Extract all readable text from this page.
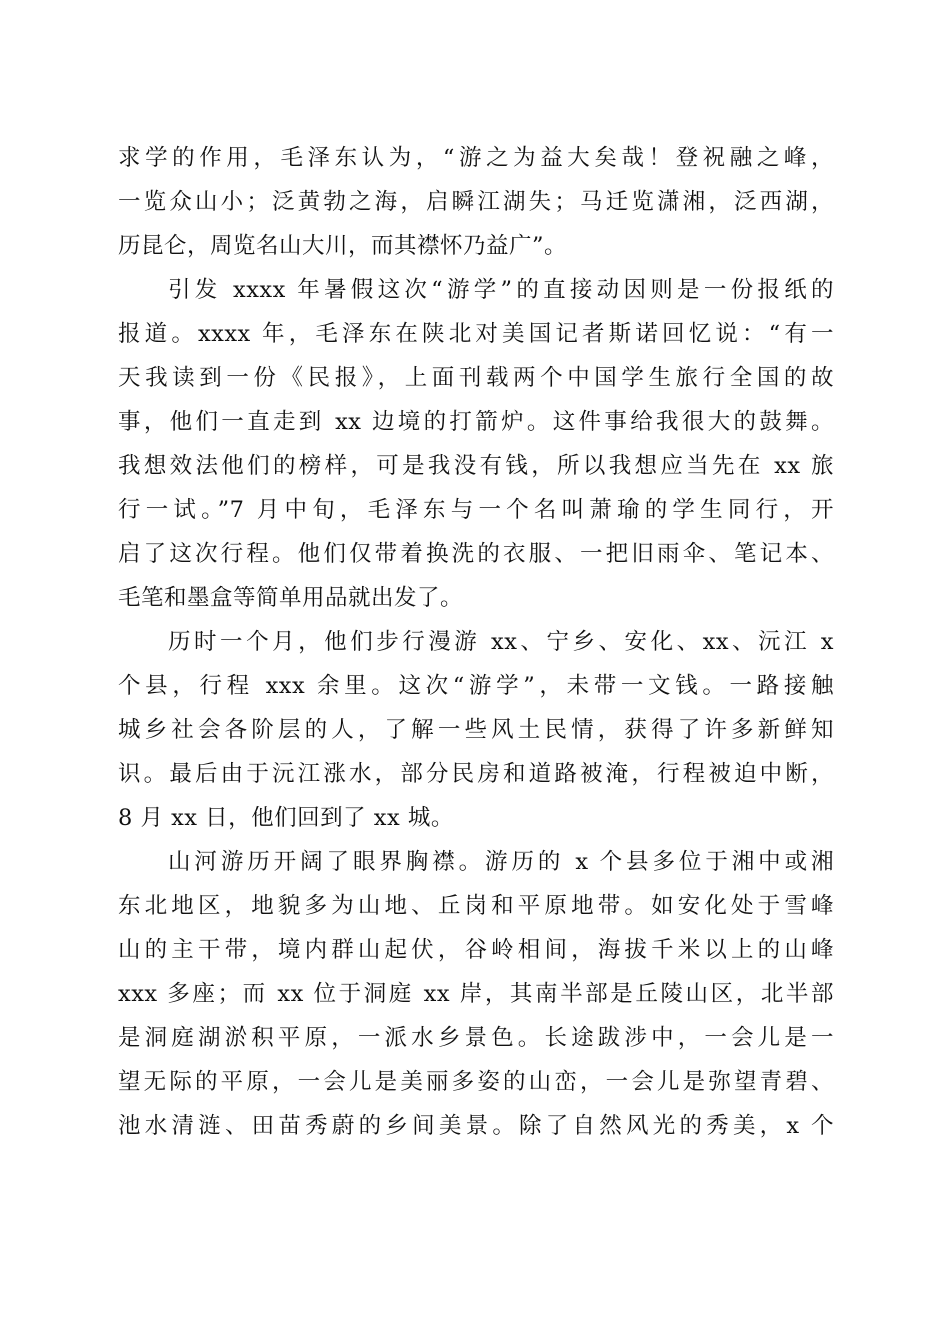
求学的作用，毛泽东认为，“游之为益大矣哉！登祝融之峰，
一览众山小；泛黄勃之海，启瞬江湖失；马迁览潇湘，泛西湖，
历昆仑，周览名山大川，而其襟怀乃益广”。
引发 xxxx 年暑假这次“游学”的直接动因则是一份报纸的
报道。xxxx 年，毛泽东在陕北对美国记者斯诺回忆说：“有一
天我读到一份《民报》，上面刊载两个中国学生旅行全国的故
事，他们一直走到 xx 边境的打箭炉。这件事给我很大的鼓舞。
我想效法他们的榜样，可是我没有钱，所以我想应当先在 xx 旅
行一试。”7 月中旬，毛泽东与一个名叫萧瑜的学生同行，开
启了这次行程。他们仅带着换洗的衣服、一把旧雨伞、笔记本、
毛笔和墨盒等简单用品就出发了。
历时一个月，他们步行漫游 xx、宁乡、安化、xx、沅江 x
个县，行程 xxx 余里。这次“游学”，未带一文钱。一路接触
城乡社会各阶层的人，了解一些风土民情，获得了许多新鲜知
识。最后由于沅江涨水，部分民房和道路被淹，行程被迫中断，
8 月 xx 日，他们回到了 xx 城。
山河游历开阔了眼界胸襟。游历的 x 个县多位于湘中或湘
东北地区，地貌多为山地、丘岗和平原地带。如安化处于雪峰
山的主干带，境内群山起伏，谷岭相间，海拔千米以上的山峰
xxx 多座；而 xx 位于洞庭 xx 岸，其南半部是丘陵山区，北半部
是洞庭湖淤积平原，一派水乡景色。长途跋涉中，一会儿是一
望无际的平原，一会儿是美丽多姿的山峦，一会儿是弥望青碧、
池水清涟、田苗秀蔚的乡间美景。除了自然风光的秀美，x 个
